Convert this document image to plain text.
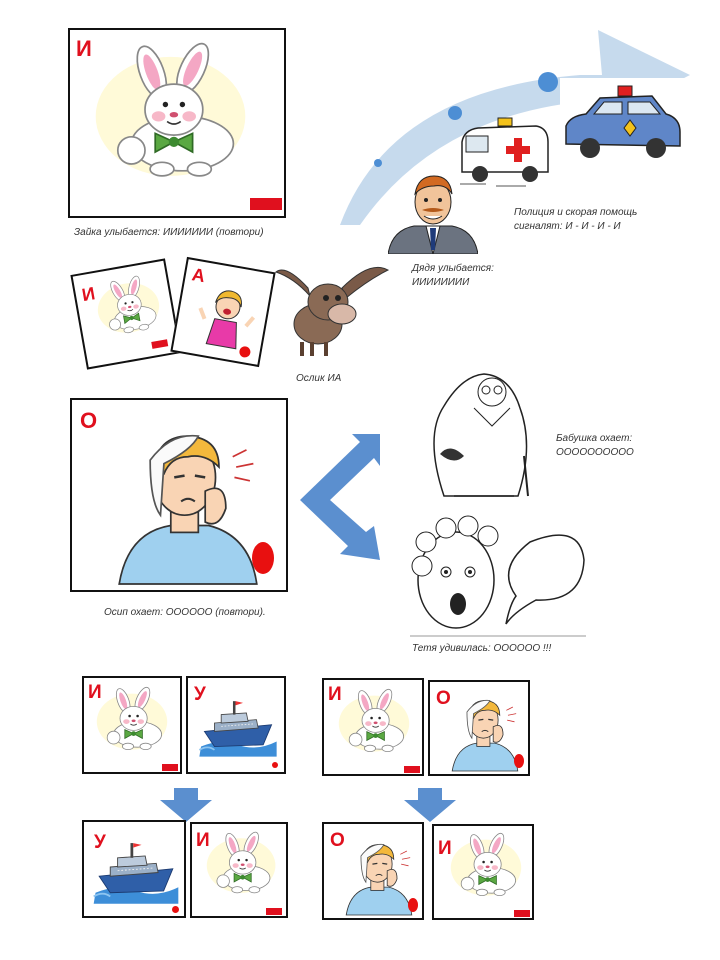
И
Зайка улыбается: ИИИИИИИ (повтори)
Полиция и скорая помощь
сигналят: И - И - И - И
Дядя улыбается:
ИИИИИИИИ
И
А
Ослик ИА
О
Осип охает: ОООООО (повтори).
Бабушка охает:
ОООООООООО
Тетя удивилась: ОООООО !!!
И	У
У	И
И	О
О	И
